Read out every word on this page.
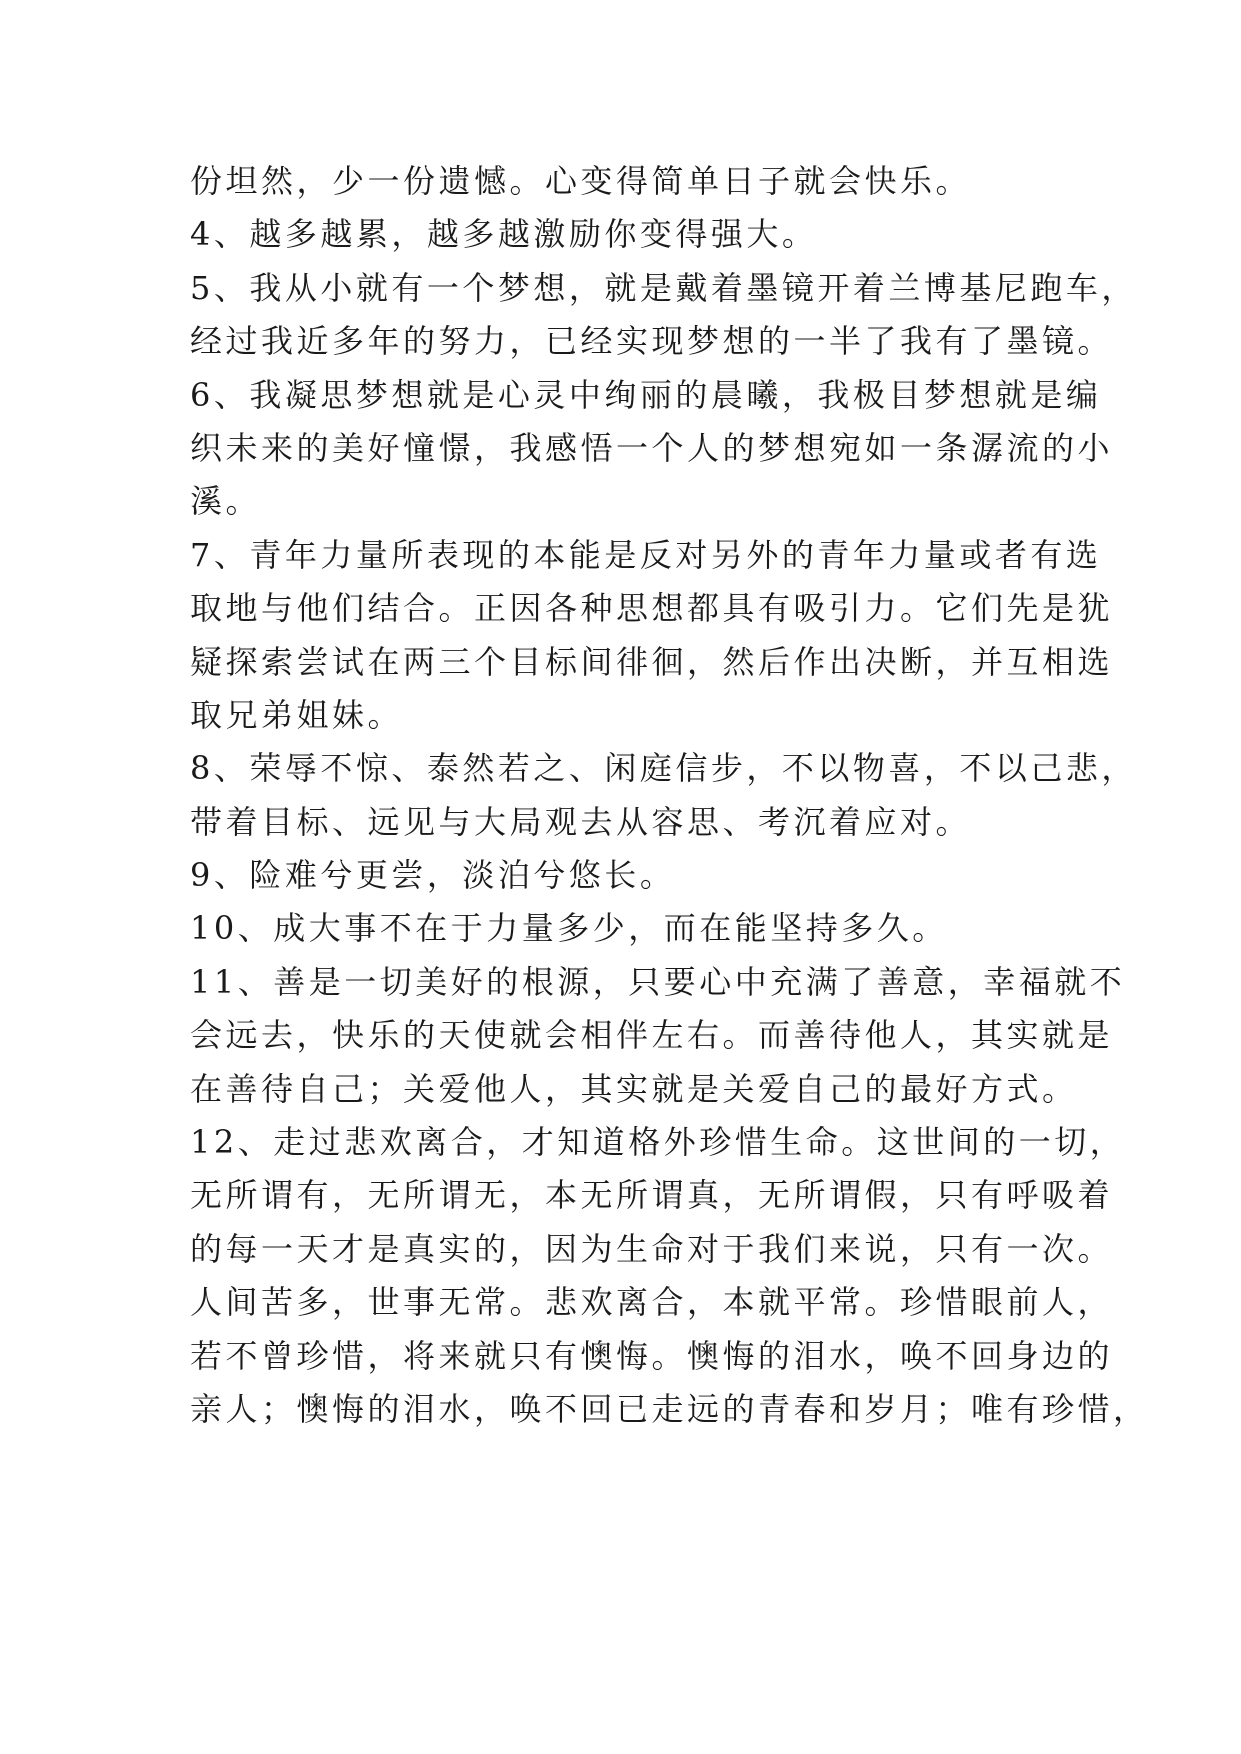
份坦然，少一份遗憾。心变得简单日子就会快乐。
4、越多越累，越多越激励你变得强大。
5、我从小就有一个梦想，就是戴着墨镜开着兰博基尼跑车，
经过我近多年的努力，已经实现梦想的一半了我有了墨镜。
6、我凝思梦想就是心灵中绚丽的晨曦，我极目梦想就是编
织未来的美好憧憬，我感悟一个人的梦想宛如一条潺流的小
溪。
7、青年力量所表现的本能是反对另外的青年力量或者有选
取地与他们结合。正因各种思想都具有吸引力。它们先是犹
疑探索尝试在两三个目标间徘徊，然后作出决断，并互相选
取兄弟姐妹。
8、荣辱不惊、泰然若之、闲庭信步，不以物喜，不以己悲，
带着目标、远见与大局观去从容思、考沉着应对。
9、险难兮更尝，淡泊兮悠长。
10、成大事不在于力量多少，而在能坚持多久。
11、善是一切美好的根源，只要心中充满了善意，幸福就不
会远去，快乐的天使就会相伴左右。而善待他人，其实就是
在善待自己；关爱他人，其实就是关爱自己的最好方式。
12、走过悲欢离合，才知道格外珍惜生命。这世间的一切，
无所谓有，无所谓无，本无所谓真，无所谓假，只有呼吸着
的每一天才是真实的，因为生命对于我们来说，只有一次。
人间苦多，世事无常。悲欢离合，本就平常。珍惜眼前人，
若不曾珍惜，将来就只有懊悔。懊悔的泪水，唤不回身边的
亲人；懊悔的泪水，唤不回已走远的青春和岁月；唯有珍惜，
